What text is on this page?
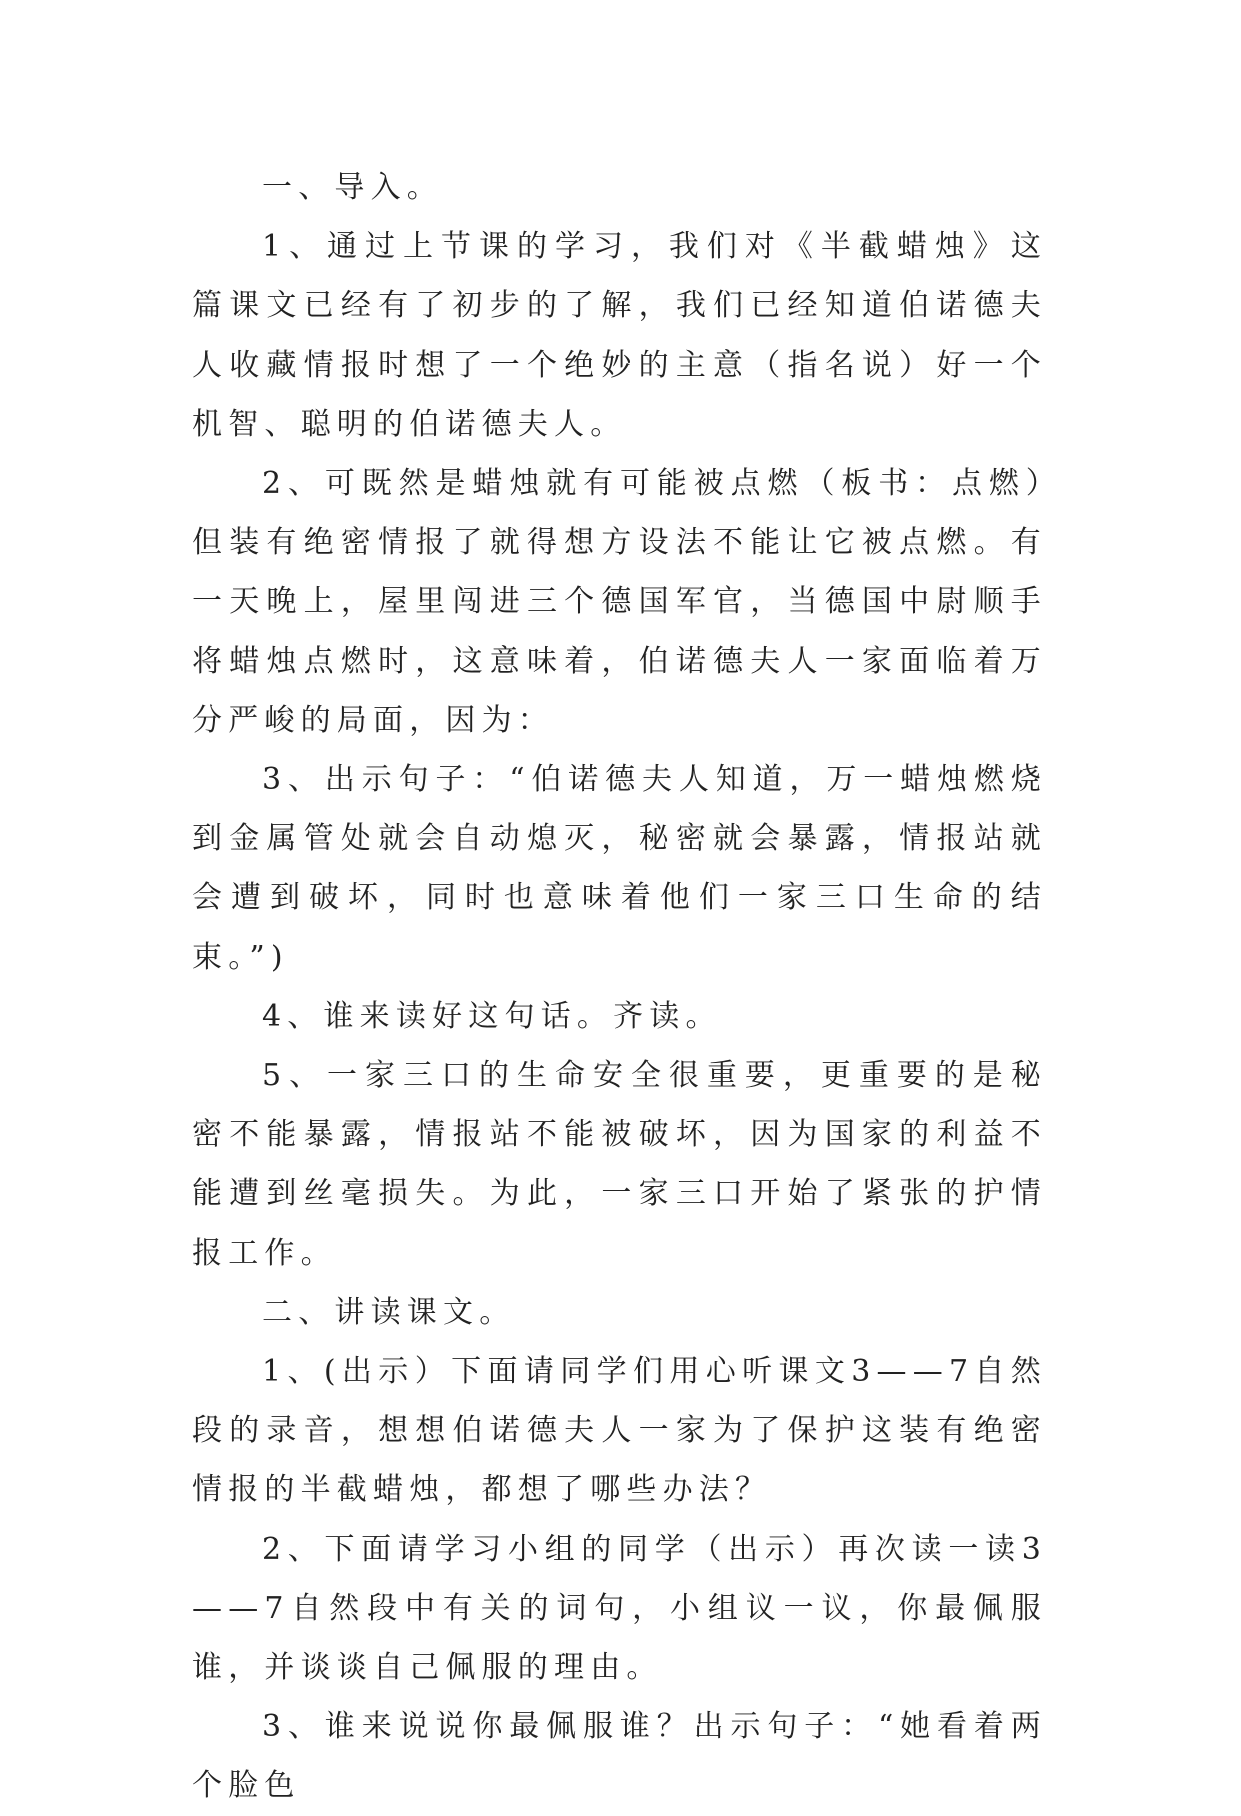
一、导入。

1、通过上节课的学习，我们对《半截蜡烛》这篇课文已经有了初步的了解，我们已经知道伯诺德夫人收藏情报时想了一个绝妙的主意（指名说）好一个机智、聪明的伯诺德夫人。

2、可既然是蜡烛就有可能被点燃（板书：点燃）但装有绝密情报了就得想方设法不能让它被点燃。有一天晚上，屋里闯进三个德国军官，当德国中尉顺手将蜡烛点燃时，这意味着，伯诺德夫人一家面临着万分严峻的局面，因为：

3、出示句子：“伯诺德夫人知道，万一蜡烛燃烧到金属管处就会自动熄灭，秘密就会暴露，情报站就会遭到破坏，同时也意味着他们一家三口生命的结束。”)

4、谁来读好这句话。齐读。

5、一家三口的生命安全很重要，更重要的是秘密不能暴露，情报站不能被破坏，因为国家的利益不能遭到丝毫损失。为此，一家三口开始了紧张的护情报工作。

二、讲读课文。

1、(出示）下面请同学们用心听课文3——7自然段的录音，想想伯诺德夫人一家为了保护这装有绝密情报的半截蜡烛，都想了哪些办法？

2、下面请学习小组的同学（出示）再次读一读3——7自然段中有关的词句，小组议一议，你最佩服谁，并谈谈自己佩服的理由。

3、谁来说说你最佩服谁？出示句子：“她看着两个脸色
